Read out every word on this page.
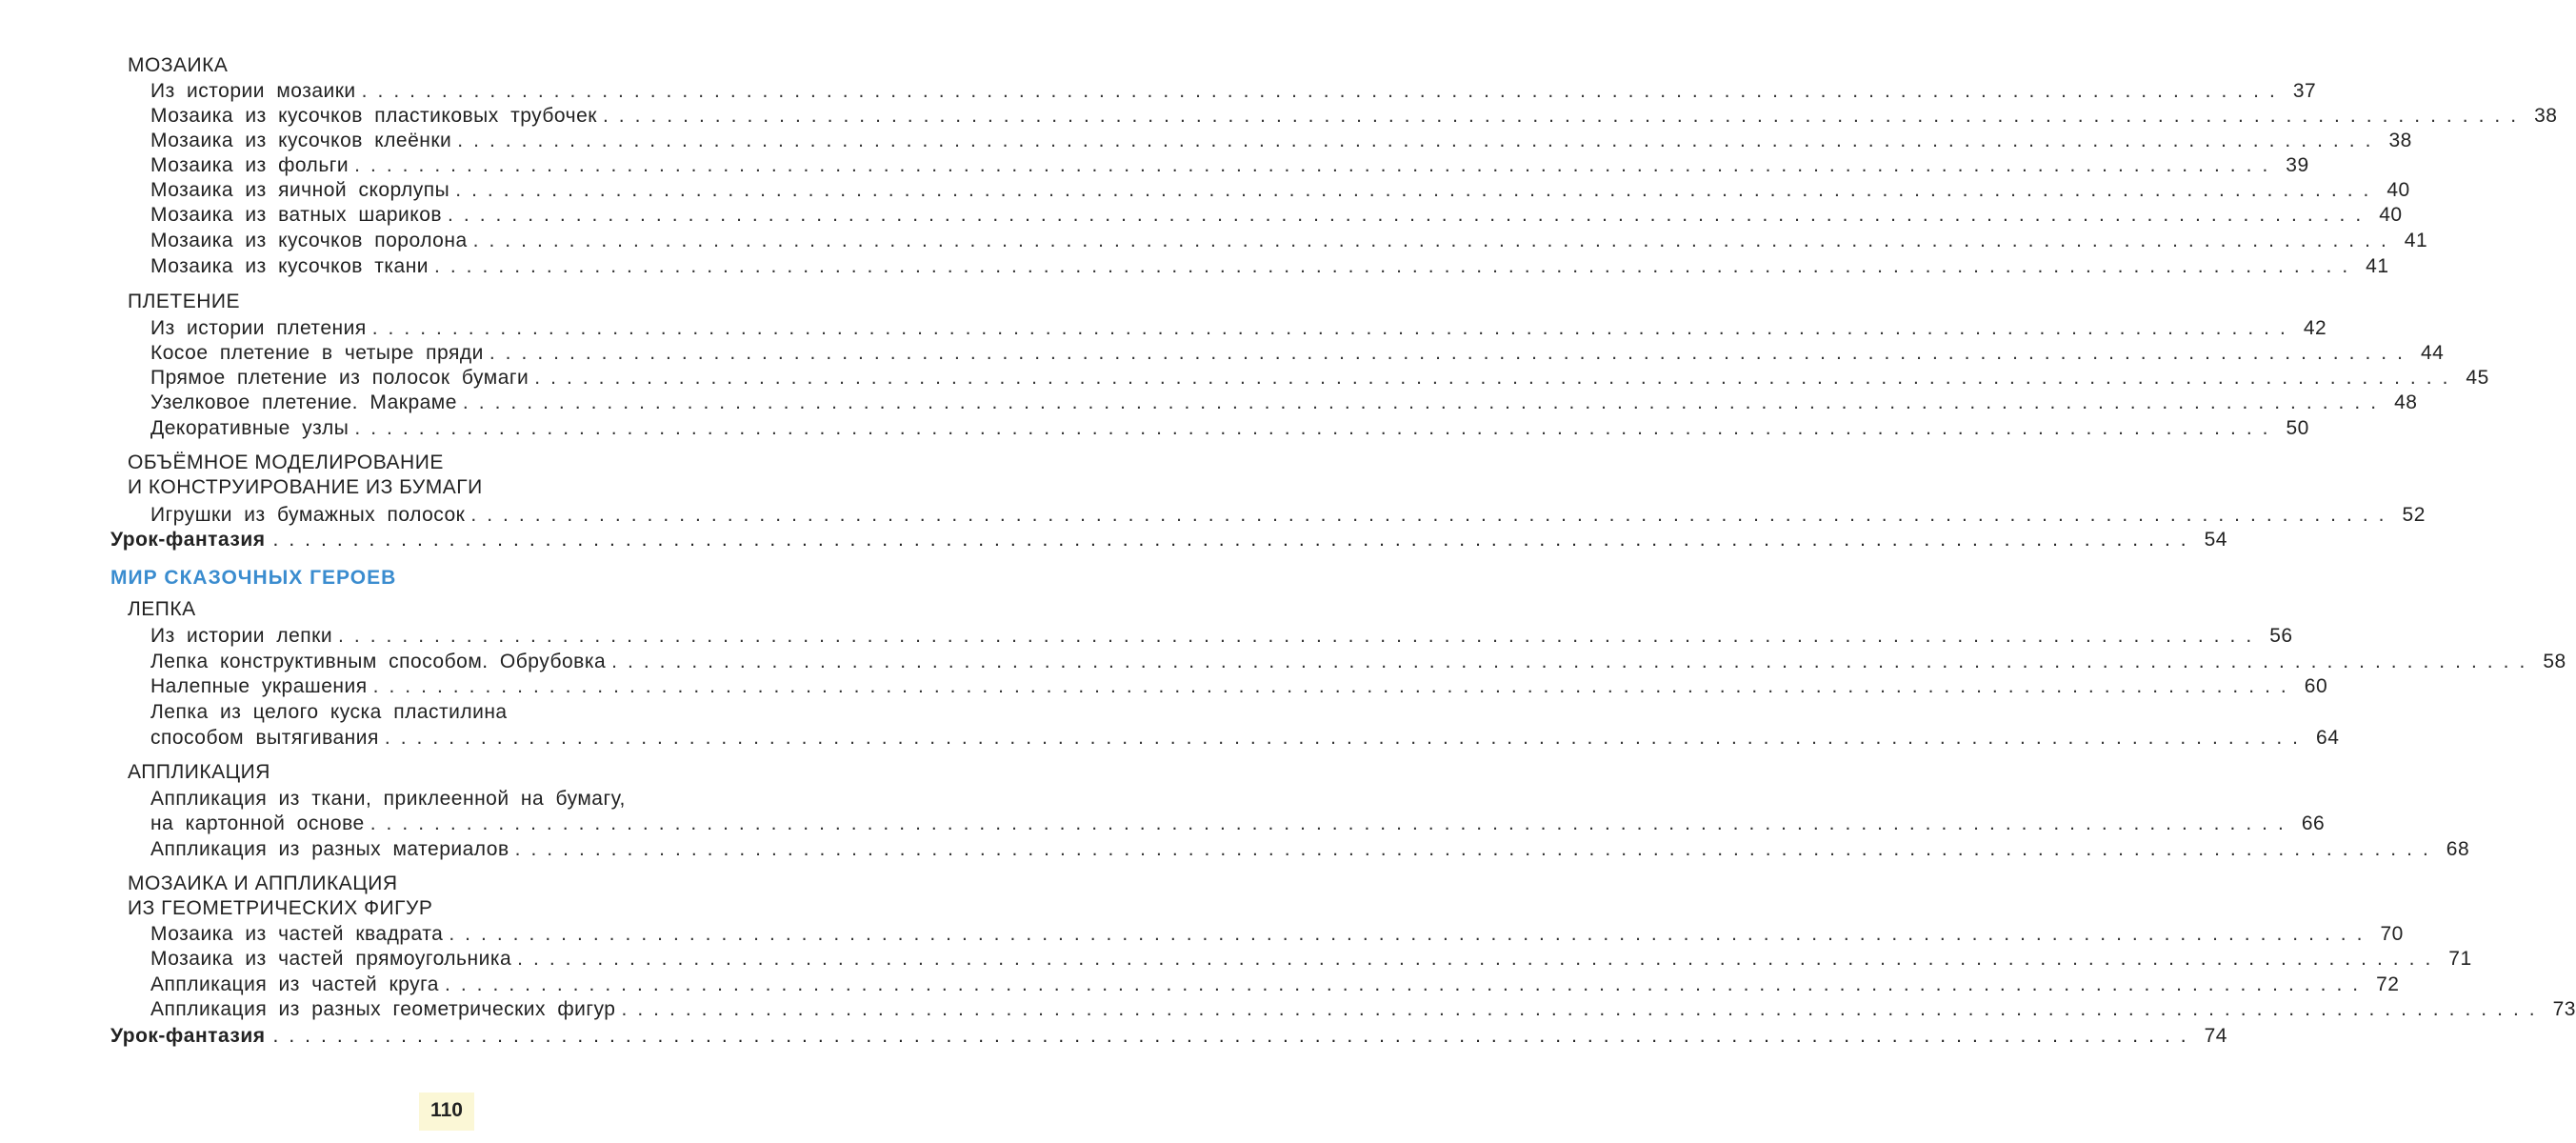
МОЗАИКА
Из истории мозаики ........................................................................................................................ 37
Мозаика из кусочков пластиковых трубочек ........................................................................................................................ 38
Мозаика из кусочков клеёнки ........................................................................................................................ 38
Мозаика из фольги ........................................................................................................................ 39
Мозаика из яичной скорлупы ........................................................................................................................ 40
Мозаика из ватных шариков ........................................................................................................................ 40
Мозаика из кусочков поролона ........................................................................................................................ 41
Мозаика из кусочков ткани ........................................................................................................................ 41
ПЛЕТЕНИЕ
Из истории плетения ........................................................................................................................ 42
Косое плетение в четыре пряди ........................................................................................................................ 44
Прямое плетение из полосок бумаги ........................................................................................................................ 45
Узелковое плетение. Макраме ........................................................................................................................ 48
Декоративные узлы ........................................................................................................................ 50
ОБЪЁМНОЕ МОДЕЛИРОВАНИЕ
И КОНСТРУИРОВАНИЕ ИЗ БУМАГИ
Игрушки из бумажных полосок ........................................................................................................................ 52
Урок-фантазия ........................................................................................................................ 54
МИР СКАЗОЧНЫХ ГЕРОЕВ
ЛЕПКА
Из истории лепки ........................................................................................................................ 56
Лепка конструктивным способом. Обрубовка ........................................................................................................................ 58
Налепные украшения ........................................................................................................................ 60
Лепка из целого куска пластилина
способом вытягивания ........................................................................................................................ 64
АППЛИКАЦИЯ
Аппликация из ткани, приклеенной на бумагу,
на картонной основе ........................................................................................................................ 66
Аппликация из разных материалов ........................................................................................................................ 68
МОЗАИКА И АППЛИКАЦИЯ
ИЗ ГЕОМЕТРИЧЕСКИХ ФИГУР
Мозаика из частей квадрата ........................................................................................................................ 70
Мозаика из частей прямоугольника ........................................................................................................................ 71
Аппликация из частей круга ........................................................................................................................ 72
Аппликация из разных геометрических фигур ........................................................................................................................ 73
Урок-фантазия ........................................................................................................................ 74
110
